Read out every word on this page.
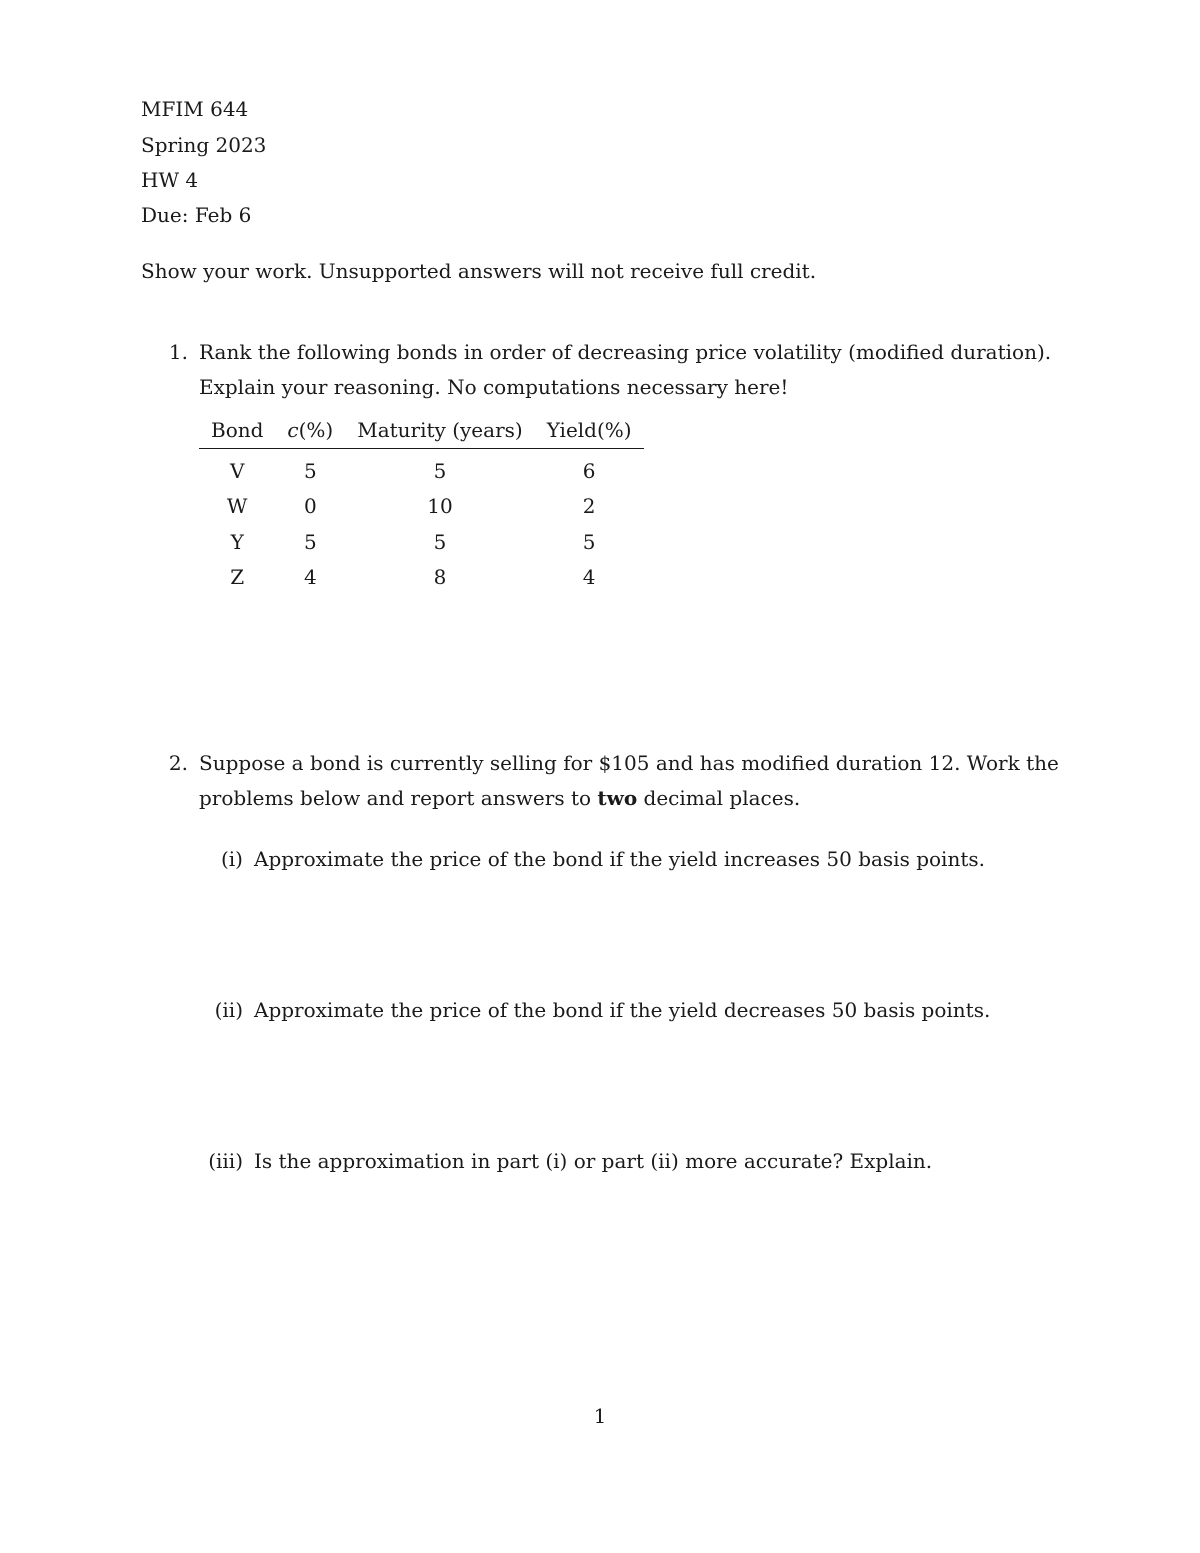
MFIM 644
Spring 2023
HW 4
Due: Feb 6
Show your work. Unsupported answers will not receive full credit.
1. Rank the following bonds in order of decreasing price volatility (modified duration).
Explain your reasoning. No computations necessary here!
Bond	c(%)	Maturity (years)	Yield(%)
V	5	5	6
W	0	10	2
Y	5	5	5
Z	4	8	4
2. Suppose a bond is currently selling for $105 and has modified duration 12. Work the
problems below and report answers to two decimal places.
(i) Approximate the price of the bond if the yield increases 50 basis points.
(ii) Approximate the price of the bond if the yield decreases 50 basis points.
(iii) Is the approximation in part (i) or part (ii) more accurate? Explain.
1
